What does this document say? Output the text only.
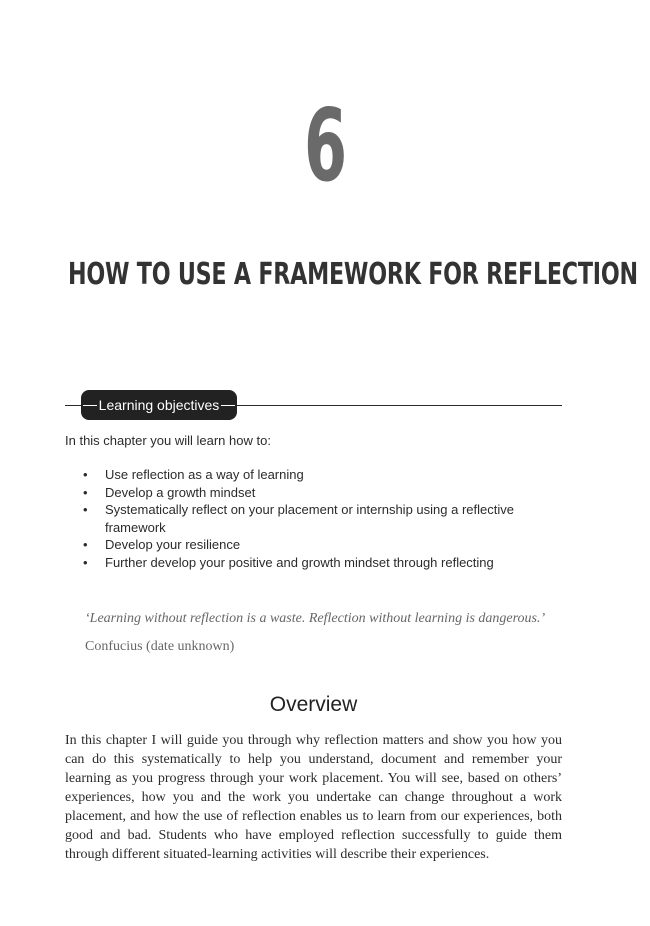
6
HOW TO USE A FRAMEWORK FOR REFLECTION
Learning objectives
In this chapter you will learn how to:
• Use reflection as a way of learning
• Develop a growth mindset
• Systematically reflect on your placement or internship using a reflective framework
• Develop your resilience
• Further develop your positive and growth mindset through reflecting
‘Learning without reflection is a waste. Reflection without learning is dangerous.’
Confucius (date unknown)
Overview

In this chapter I will guide you through why reflection matters and show you how you can do this systematically to help you understand, document and remember your learning as you progress through your work placement. You will see, based on others’ experiences, how you and the work you undertake can change throughout a work placement, and how the use of reflection enables us to learn from our experiences, both good and bad. Students who have employed reflection successfully to guide them through different situated-learning activities will describe their experiences.
